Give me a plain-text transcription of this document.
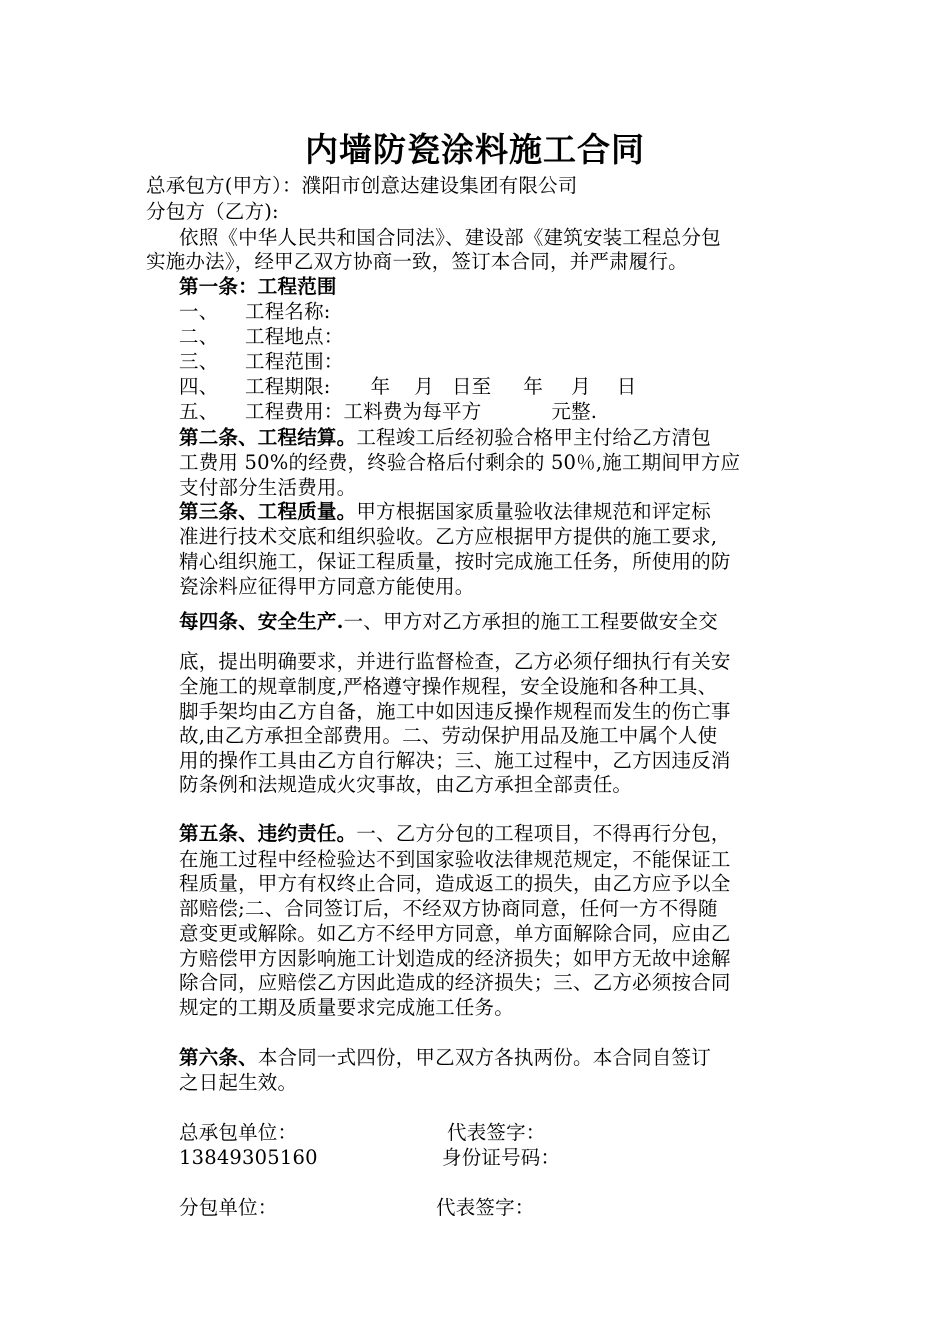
内墙防瓷涂料施工合同
总承包方(甲方）：濮阳市创意达建设集团有限公司
分包方（乙方):
依照《中华人民共和国合同法》、建设部《建筑安装工程总分包
实施办法》，经甲乙双方协商一致，签订本合同，并严肃履行。
第一条：工程范围
一、 工程名称:
二、 工程地点：
三、 工程范围：
四、 工程期限: 年 月 日至 年 月 日
五、 工程费用：工料费为每平方	元整.
第二条、工程结算。工程竣工后经初验合格甲主付给乙方清包
工费用 50%的经费，终验合格后付剩余的 50％,施工期间甲方应
支付部分生活费用。
第三条、工程质量。甲方根据国家质量验收法律规范和评定标
准进行技术交底和组织验收。乙方应根据甲方提供的施工要求,
精心组织施工，保证工程质量，按时完成施工任务，所使用的防
瓷涂料应征得甲方同意方能使用。
每四条、安全生产.一、甲方对乙方承担的施工工程要做安全交
底，提出明确要求，并进行监督检查，乙方必须仔细执行有关安
全施工的规章制度,严格遵守操作规程，安全设施和各种工具、
脚手架均由乙方自备，施工中如因违反操作规程而发生的伤亡事
故,由乙方承担全部费用。二、劳动保护用品及施工中属个人使
用的操作工具由乙方自行解决；三、施工过程中，乙方因违反消
防条例和法规造成火灾事故，由乙方承担全部责任。
第五条、违约责任。一、乙方分包的工程项目，不得再行分包，
在施工过程中经检验达不到国家验收法律规范规定，不能保证工
程质量，甲方有权终止合同，造成返工的损失，由乙方应予以全
部赔偿;二、合同签订后，不经双方协商同意，任何一方不得随
意变更或解除。如乙方不经甲方同意，单方面解除合同，应由乙
方赔偿甲方因影响施工计划造成的经济损失；如甲方无故中途解
除合同，应赔偿乙方因此造成的经济损失；三、乙方必须按合同
规定的工期及质量要求完成施工任务。
第六条、本合同一式四份，甲乙双方各执两份。本合同自签订
之日起生效。
总承包单位：	代表签字：
13849305160	身份证号码：
分包单位：	代表签字：
